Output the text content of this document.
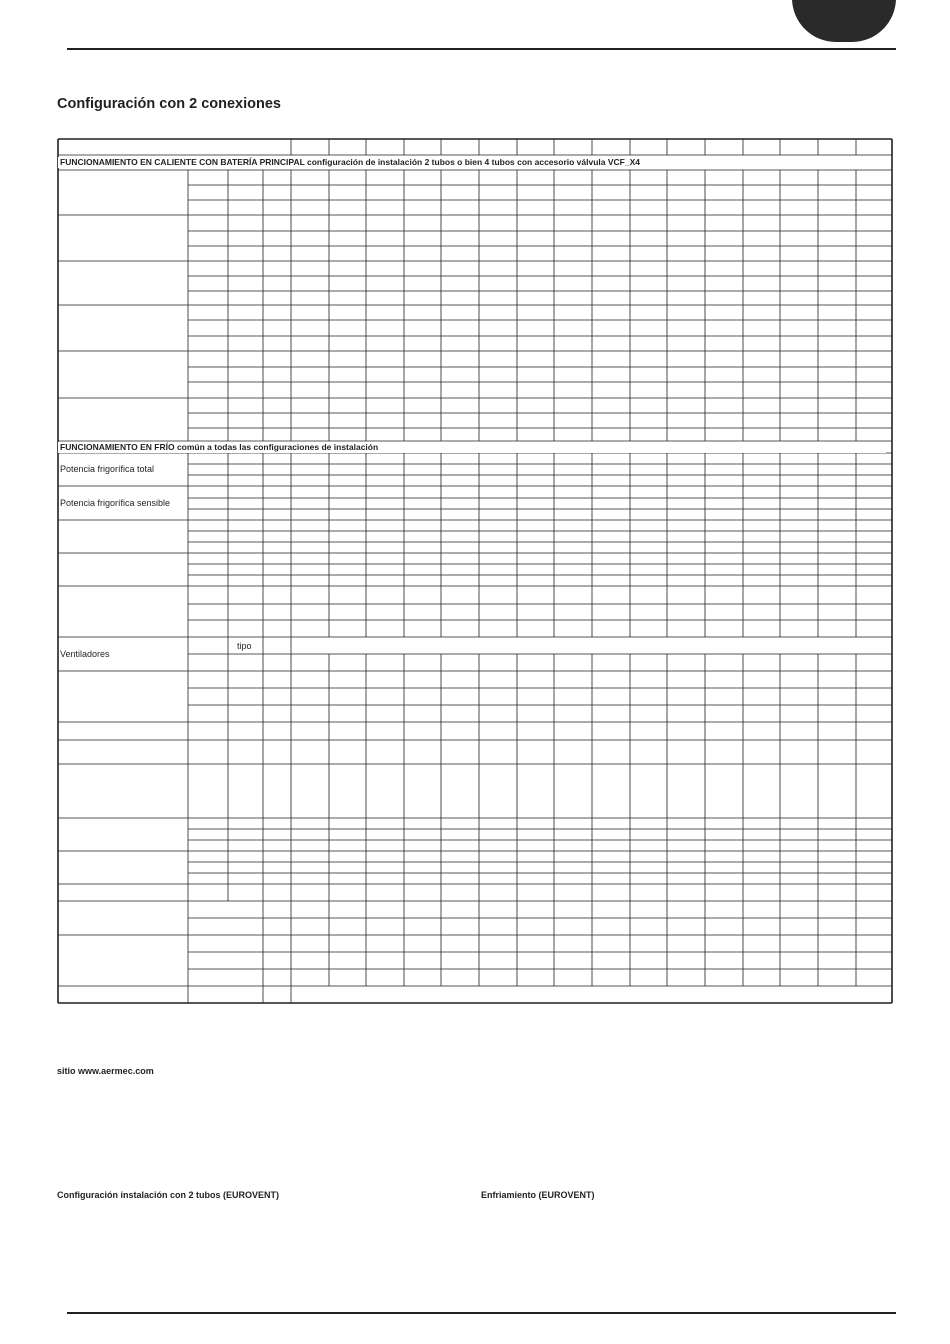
Configuración con 2 conexiones
FUNCIONAMIENTO EN CALIENTE CON BATERÍA PRINCIPAL configuración de instalación 2 tubos o bien 4 tubos con accesorio válvula VCF_X4
FUNCIONAMIENTO EN FRÍO común a todas las configuraciones de instalación
Potencia frigorífica total
Potencia frigorífica sensible
Ventiladores
tipo
sitio www.aermec.com
Configuración instalación con 2 tubos (EUROVENT)	Enfriamiento (EUROVENT)
